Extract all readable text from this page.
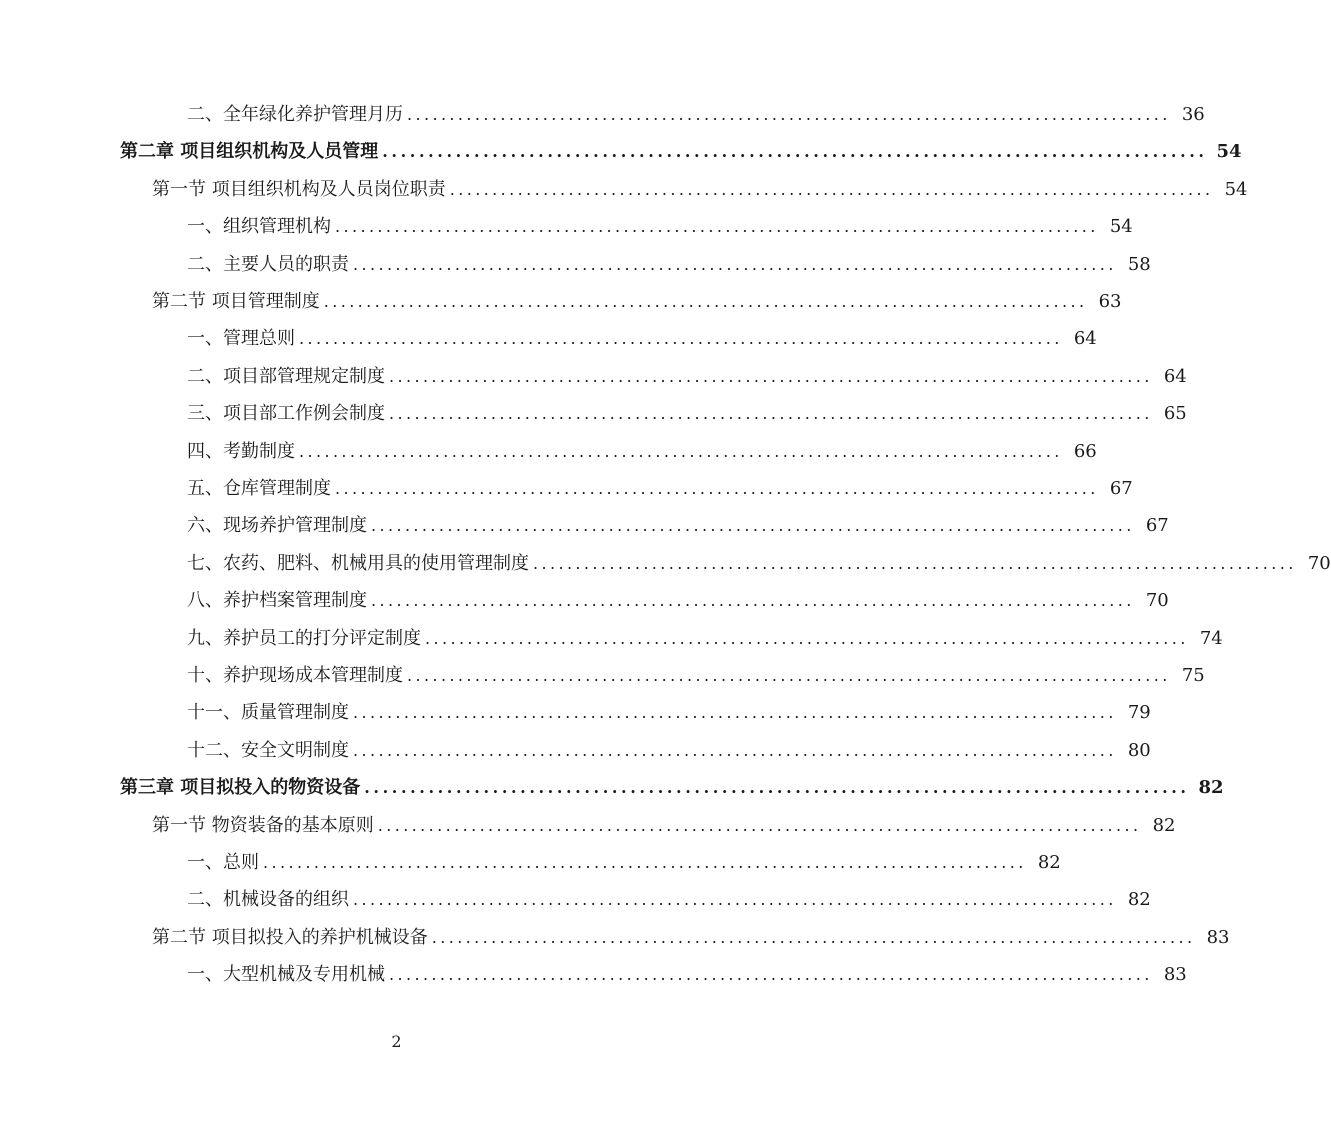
二、全年绿化养护管理月历 .......................................................................................... 36
第二章 项目组织机构及人员管理 .......................................................................................... 54
第一节 项目组织机构及人员岗位职责 .......................................................................................... 54
一、组织管理机构 .......................................................................................... 54
二、主要人员的职责 .......................................................................................... 58
第二节 项目管理制度 .......................................................................................... 63
一、管理总则 .......................................................................................... 64
二、项目部管理规定制度 .......................................................................................... 64
三、项目部工作例会制度 .......................................................................................... 65
四、考勤制度 .......................................................................................... 66
五、仓库管理制度 .......................................................................................... 67
六、现场养护管理制度 .......................................................................................... 67
七、农药、肥料、机械用具的使用管理制度 .......................................................................................... 70
八、养护档案管理制度 .......................................................................................... 70
九、养护员工的打分评定制度 .......................................................................................... 74
十、养护现场成本管理制度 .......................................................................................... 75
十一、质量管理制度 .......................................................................................... 79
十二、安全文明制度 .......................................................................................... 80
第三章 项目拟投入的物资设备 .......................................................................................... 82
第一节 物资装备的基本原则 .......................................................................................... 82
一、总则 .......................................................................................... 82
二、机械设备的组织 .......................................................................................... 82
第二节 项目拟投入的养护机械设备 .......................................................................................... 83
一、大型机械及专用机械 .......................................................................................... 83
2
